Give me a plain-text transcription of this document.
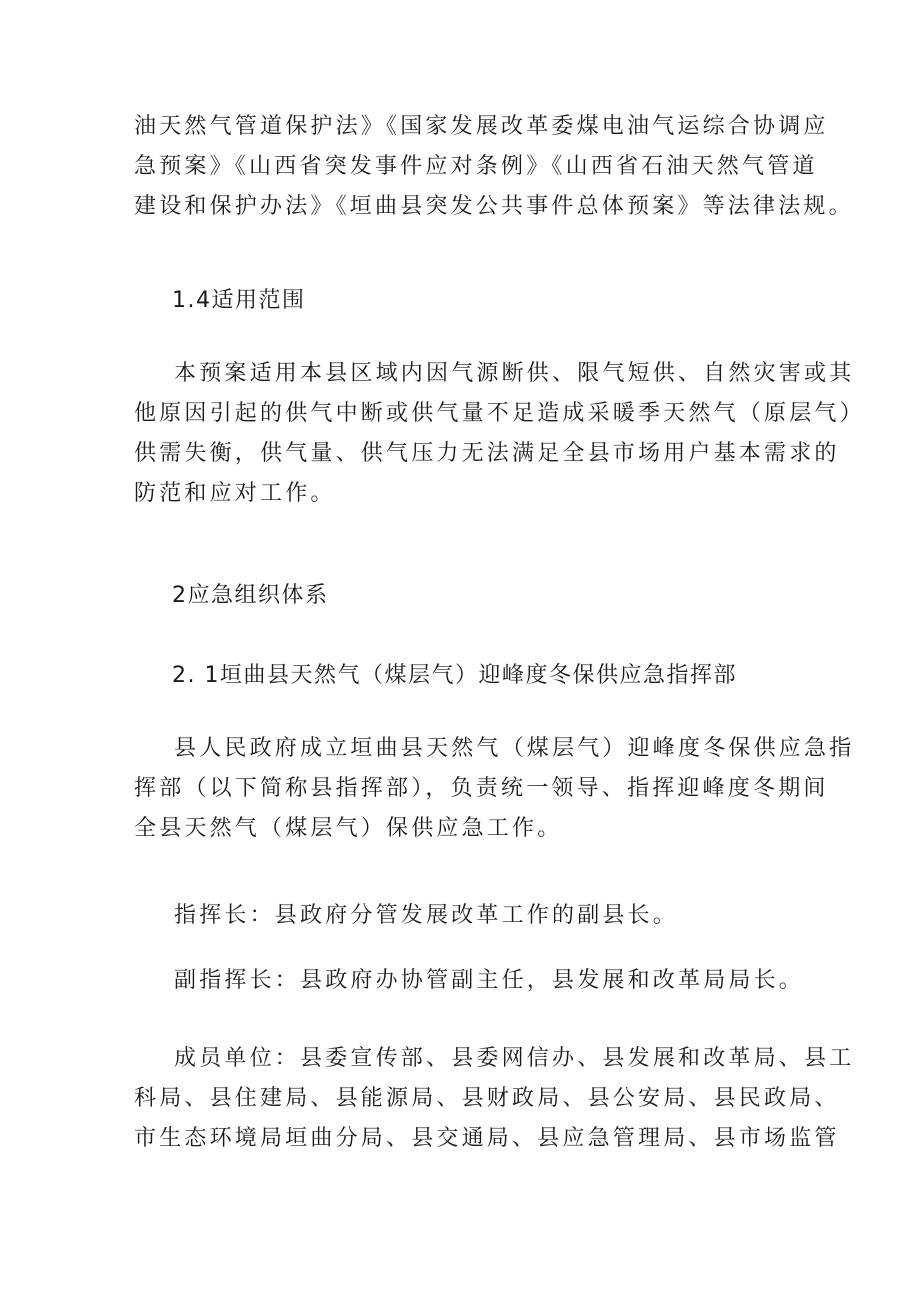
油天然气管道保护法》《国家发展改革委煤电油气运综合协调应
急预案》《山西省突发事件应对条例》《山西省石油天然气管道
建设和保护办法》《垣曲县突发公共事件总体预案》等法律法规。
1.4适用范围
本预案适用本县区域内因气源断供、限气短供、自然灾害或其
他原因引起的供气中断或供气量不足造成采暖季天然气（原层气）
供需失衡，供气量、供气压力无法满足全县市场用户基本需求的
防范和应对工作。
2应急组织体系
2. 1垣曲县天然气（煤层气）迎峰度冬保供应急指挥部
县人民政府成立垣曲县天然气（煤层气）迎峰度冬保供应急指
挥部（以下简称县指挥部），负责统一领导、指挥迎峰度冬期间
全县天然气（煤层气）保供应急工作。
指挥长：县政府分管发展改革工作的副县长。
副指挥长：县政府办协管副主任，县发展和改革局局长。
成员单位：县委宣传部、县委网信办、县发展和改革局、县工
科局、县住建局、县能源局、县财政局、县公安局、县民政局、
市生态环境局垣曲分局、县交通局、县应急管理局、县市场监管
